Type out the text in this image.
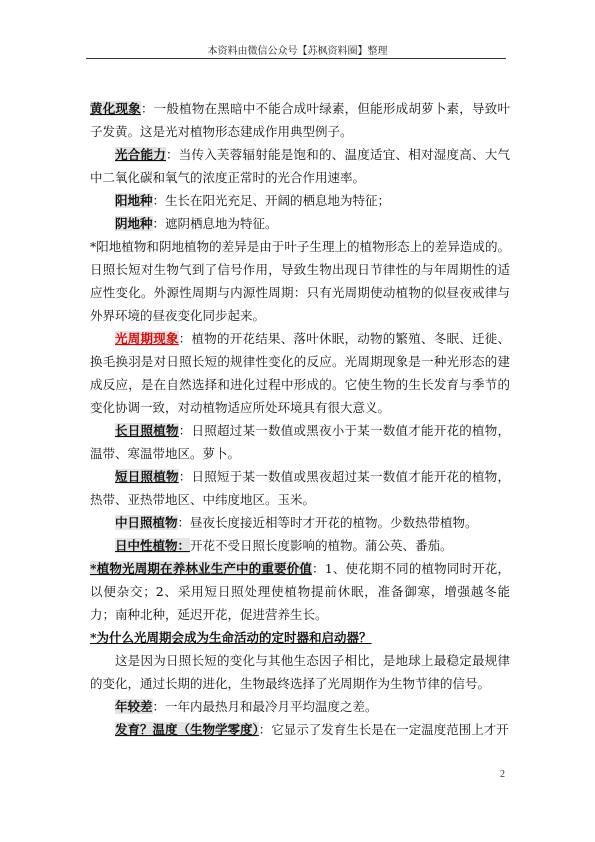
本资料由微信公众号【苏枫资料圈】整理

黄化现象：一般植物在黑暗中不能合成叶绿素，但能形成胡萝卜素，导致叶子发黄。这是光对植物形态建成作用典型例子。

光合能力：当传入芙蓉辐射能是饱和的、温度适宜、相对湿度高、大气中二氧化碳和氧气的浓度正常时的光合作用速率。

阳地种：生长在阳光充足、开阔的栖息地为特征；

阴地种：遮阴栖息地为特征。

*阳地植物和阴地植物的差异是由于叶子生理上的植物形态上的差异造成的。日照长短对生物气到了信号作用，导致生物出现日节律性的与年周期性的适应性变化。外源性周期与内源性周期：只有光周期使动植物的似昼夜戒律与外界环境的昼夜变化同步起来。

光周期现象：植物的开花结果、落叶休眠，动物的繁殖、冬眠、迁徙、换毛换羽是对日照长短的规律性变化的反应。光周期现象是一种光形态的建成反应，是在自然选择和进化过程中形成的。它使生物的生长发育与季节的变化协调一致，对动植物适应所处环境具有很大意义。

长日照植物：日照超过某一数值或黑夜小于某一数值才能开花的植物，温带、寒温带地区。萝卜。

短日照植物：日照短于某一数值或黑夜超过某一数值才能开花的植物，热带、亚热带地区、中纬度地区。玉米。

中日照植物：昼夜长度接近相等时才开花的植物。少数热带植物。

日中性植物：开花不受日照长度影响的植物。蒲公英、番茄。

*植物光周期在养林业生产中的重要价值：1、使花期不同的植物同时开花，以便杂交；2、采用短日照处理使植物提前休眠，准备御寒，增强越冬能力；南种北种，延迟开花，促进营养生长。

*为什么光周期会成为生命活动的定时器和启动器？

这是因为日照长短的变化与其他生态因子相比，是地球上最稳定最规律的变化，通过长期的进化，生物最终选择了光周期作为生物节律的信号。

年较差：一年内最热月和最冷月平均温度之差。

发育？温度（生物学零度）：它显示了发育生长是在一定温度范围上才开

2
